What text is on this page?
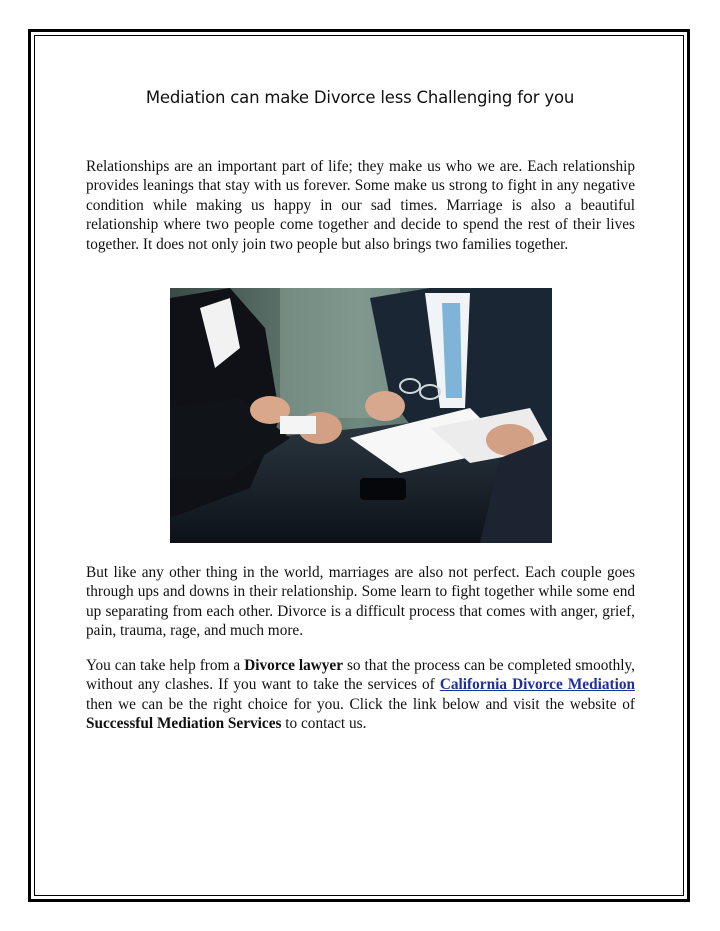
Mediation can make Divorce less Challenging for you

Relationships are an important part of life; they make us who we are. Each relationship provides leanings that stay with us forever. Some make us strong to fight in any negative condition while making us happy in our sad times. Marriage is also a beautiful relationship where two people come together and decide to spend the rest of their lives together. It does not only join two people but also brings two families together.

But like any other thing in the world, marriages are also not perfect. Each couple goes through ups and downs in their relationship. Some learn to fight together while some end up separating from each other. Divorce is a difficult process that comes with anger, grief, pain, trauma, rage, and much more.

You can take help from a Divorce lawyer so that the process can be completed smoothly, without any clashes. If you want to take the services of California Divorce Mediation then we can be the right choice for you. Click the link below and visit the website of Successful Mediation Services to contact us.
